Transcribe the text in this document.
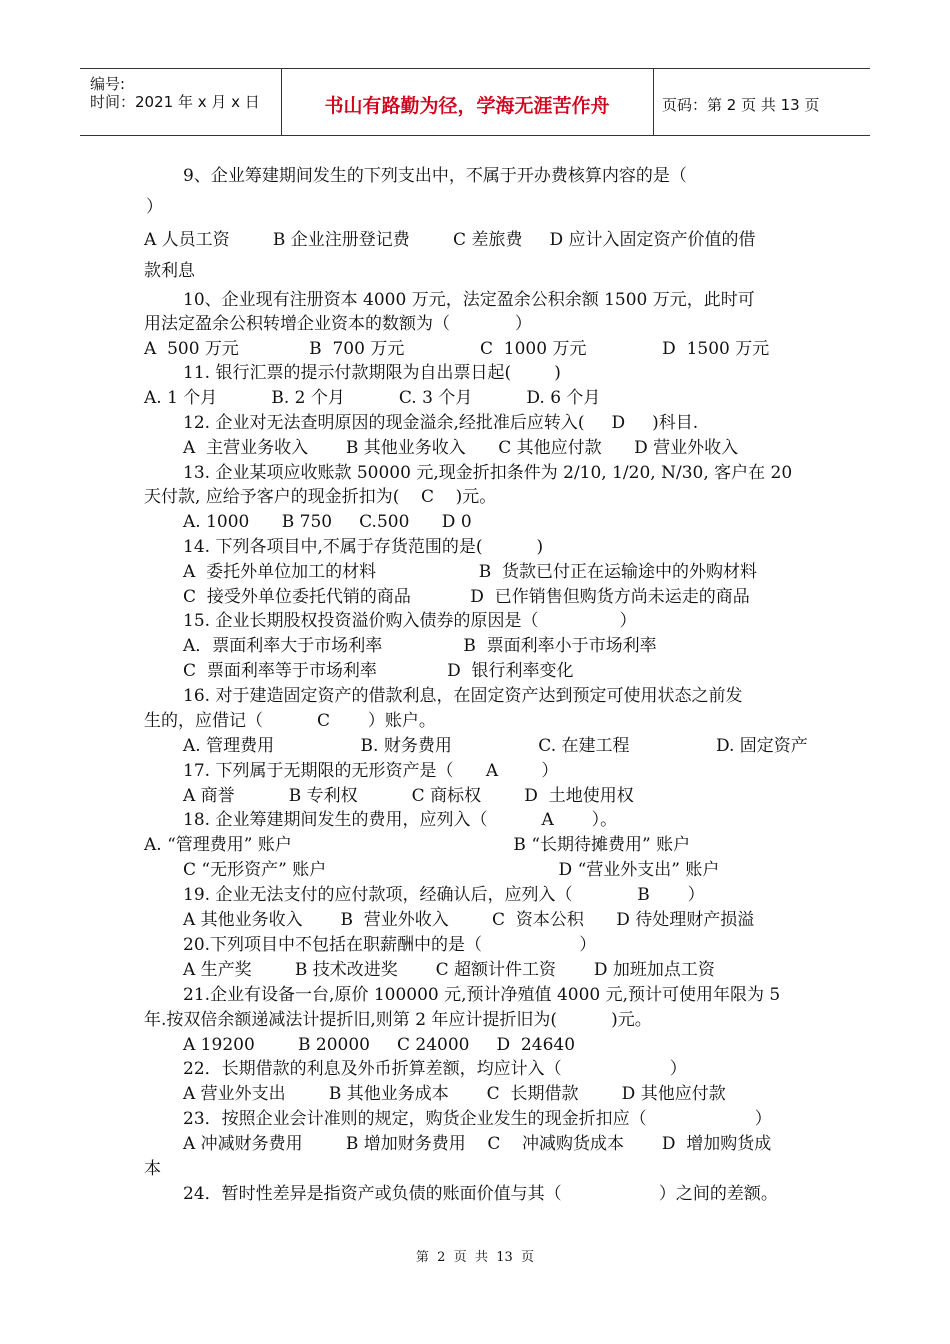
编号:
时间：2021 年 x 月 x 日	书山有路勤为径，学海无涯苦作舟	页码：第 2 页 共 13 页
9、企业筹建期间发生的下列支出中，不属于开办费核算内容的是（
）
A 人员工资        B 企业注册登记费        C 差旅费     D 应计入固定资产价值的借
款利息
10、企业现有注册资本 4000 万元，法定盈余公积余额 1500 万元，此时可
用法定盈余公积转增企业资本的数额为（            ）
A  500 万元             B  700 万元              C  1000 万元              D  1500 万元
11. 银行汇票的提示付款期限为自出票日起(        )
A. 1 个月          B. 2 个月          C. 3 个月          D. 6 个月
12. 企业对无法查明原因的现金溢余,经批准后应转入(     D     )科目.
A  主营业务收入       B 其他业务收入      C 其他应付款      D 营业外收入
13. 企业某项应收账款 50000 元,现金折扣条件为 2/10, 1/20, N/30, 客户在 20
天付款, 应给予客户的现金折扣为(    C    )元。
A. 1000      B 750     C.500      D 0
14. 下列各项目中,不属于存货范围的是(          )
A  委托外单位加工的材料                   B  货款已付正在运输途中的外购材料
C  接受外单位委托代销的商品           D  已作销售但购货方尚未运走的商品
15. 企业长期股权投资溢价购入债券的原因是（               ）
A．票面利率大于市场利率               B  票面利率小于市场利率
C  票面利率等于市场利率             D  银行利率变化
16. 对于建造固定资产的借款利息，在固定资产达到预定可使用状态之前发
生的，应借记（          C       ）账户。
A. 管理费用                B. 财务费用                C. 在建工程                D. 固定资产
17. 下列属于无期限的无形资产是（      A        ）
A 商誉          B 专利权          C 商标权        D  土地使用权
18. 企业筹建期间发生的费用，应列入（          A       ）。
A. “管理费用” 账户                                         B “长期待摊费用” 账户
C “无形资产” 账户                                           D “营业外支出” 账户
19. 企业无法支付的应付款项，经确认后，应列入（            B       ）
A 其他业务收入       B  营业外收入        C  资本公积      D 待处理财产损溢
20.下列项目中不包括在职薪酬中的是（                  ）
A 生产奖        B 技术改进奖       C 超额计件工资       D 加班加点工资
21.企业有设备一台,原价 100000 元,预计净殖值 4000 元,预计可使用年限为 5
年.按双倍余额递减法计提折旧,则第 2 年应计提折旧为(          )元。
A 19200        B 20000     C 24000     D  24640
22．长期借款的利息及外币折算差额，均应计入（                    ）
A 营业外支出        B 其他业务成本       C  长期借款        D 其他应付款
23．按照企业会计准则的规定，购货企业发生的现金折扣应（                    ）
A 冲减财务费用        B 增加财务费用    C    冲减购货成本       D  增加购货成
本
24．暂时性差异是指资产或负债的账面价值与其（                  ）之间的差额。
第  2  页  共  13  页
